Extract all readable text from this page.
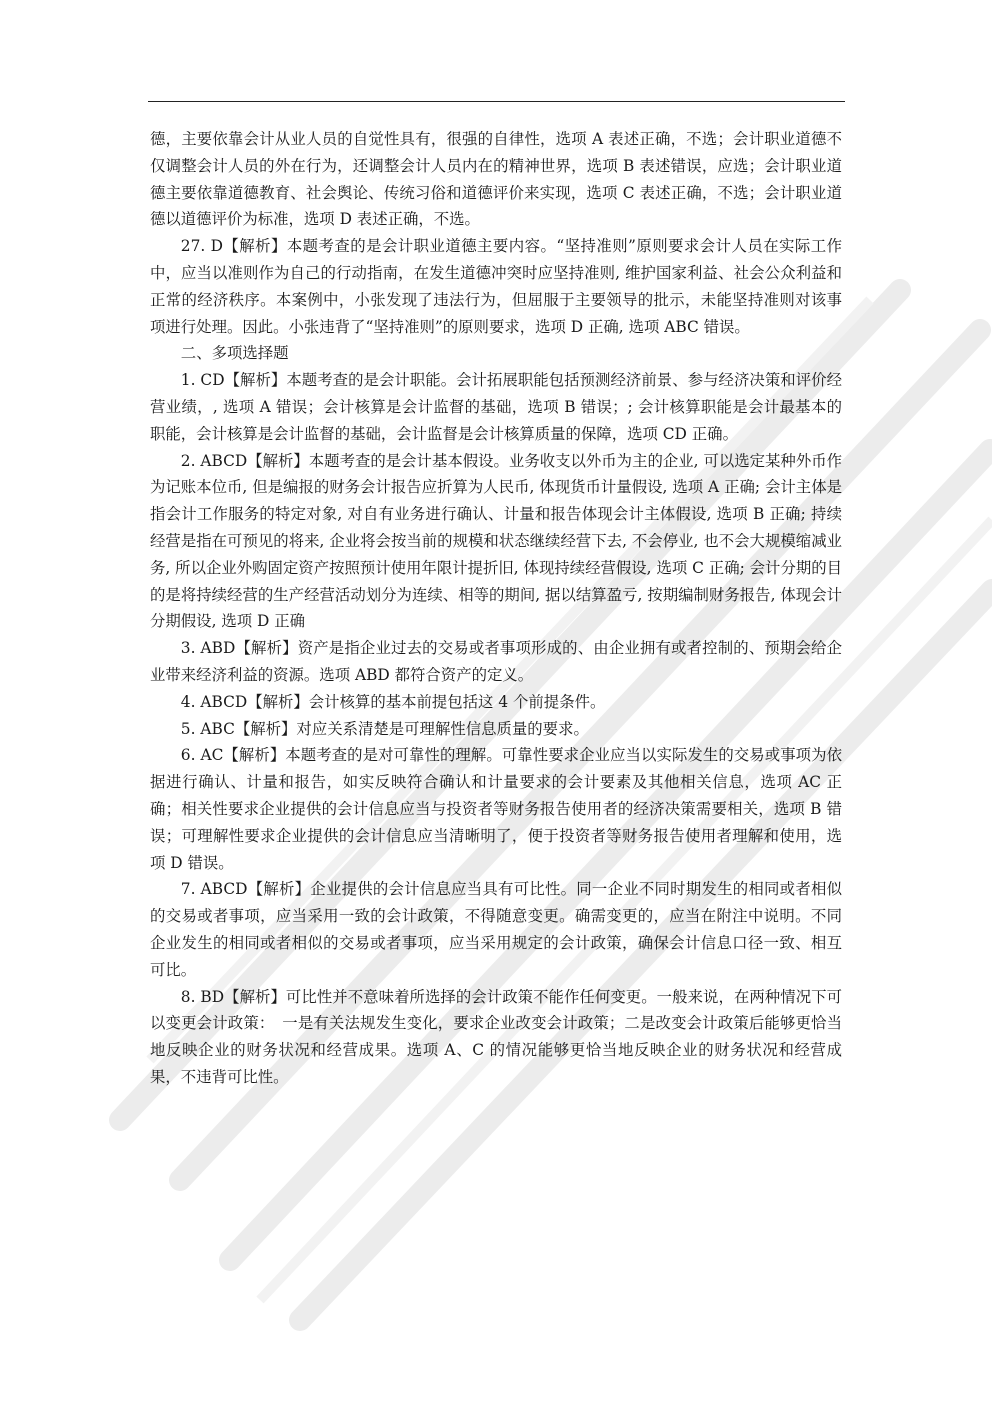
德，主要依靠会计从业人员的自觉性具有，很强的自律性，选项 A 表述正确，不选；会计职业道德不仅调整会计人员的外在行为，还调整会计人员内在的精神世界，选项 B 表述错误，应选；会计职业道德主要依靠道德教育、社会舆论、传统习俗和道德评价来实现，选项 C 表述正确，不选；会计职业道德以道德评价为标准，选项 D 表述正确，不选。

27. D【解析】本题考查的是会计职业道德主要内容。“坚持准则”原则要求会计人员在实际工作中，应当以准则作为自己的行动指南，在发生道德冲突时应坚持准则, 维护国家利益、社会公众利益和正常的经济秩序。本案例中，小张发现了违法行为，但屈服于主要领导的批示，未能坚持准则对该事项进行处理。因此。小张违背了“坚持准则”的原则要求，选项 D 正确, 选项 ABC 错误。

二、多项选择题

1. CD【解析】本题考查的是会计职能。会计拓展职能包括预测经济前景、参与经济决策和评价经营业绩，, 选项 A 错误；会计核算是会计监督的基础，选项 B 错误；; 会计核算职能是会计最基本的职能，会计核算是会计监督的基础，会计监督是会计核算质量的保障，选项 CD 正确。

2. ABCD【解析】本题考查的是会计基本假设。业务收支以外币为主的企业, 可以选定某种外币作为记账本位币, 但是编报的财务会计报告应折算为人民币, 体现货币计量假设, 选项 A 正确; 会计主体是指会计工作服务的特定对象, 对自有业务进行确认、计量和报告体现会计主体假设, 选项 B 正确; 持续经营是指在可预见的将来, 企业将会按当前的规模和状态继续经营下去, 不会停业, 也不会大规模缩减业务, 所以企业外购固定资产按照预计使用年限计提折旧, 体现持续经营假设, 选项 C 正确; 会计分期的目的是将持续经营的生产经营活动划分为连续、相等的期间, 据以结算盈亏, 按期编制财务报告, 体现会计分期假设, 选项 D 正确

3. ABD【解析】资产是指企业过去的交易或者事项形成的、由企业拥有或者控制的、预期会给企业带来经济利益的资源。选项 ABD 都符合资产的定义。

4. ABCD【解析】会计核算的基本前提包括这 4 个前提条件。

5. ABC【解析】对应关系清楚是可理解性信息质量的要求。

6. AC【解析】本题考查的是对可靠性的理解。可靠性要求企业应当以实际发生的交易或事项为依据进行确认、计量和报告，如实反映符合确认和计量要求的会计要素及其他相关信息，选项 AC 正确；相关性要求企业提供的会计信息应当与投资者等财务报告使用者的经济决策需要相关，选项 B 错误；可理解性要求企业提供的会计信息应当清晰明了，便于投资者等财务报告使用者理解和使用，选项 D 错误。

7. ABCD【解析】企业提供的会计信息应当具有可比性。同一企业不同时期发生的相同或者相似的交易或者事项，应当采用一致的会计政策，不得随意变更。确需变更的，应当在附注中说明。不同企业发生的相同或者相似的交易或者事项，应当采用规定的会计政策，确保会计信息口径一致、相互可比。

8. BD【解析】可比性并不意味着所选择的会计政策不能作任何变更。一般来说，在两种情况下可以变更会计政策：　一是有关法规发生变化，要求企业改变会计政策；二是改变会计政策后能够更恰当地反映企业的财务状况和经营成果。选项 A、C 的情况能够更恰当地反映企业的财务状况和经营成果，不违背可比性。
